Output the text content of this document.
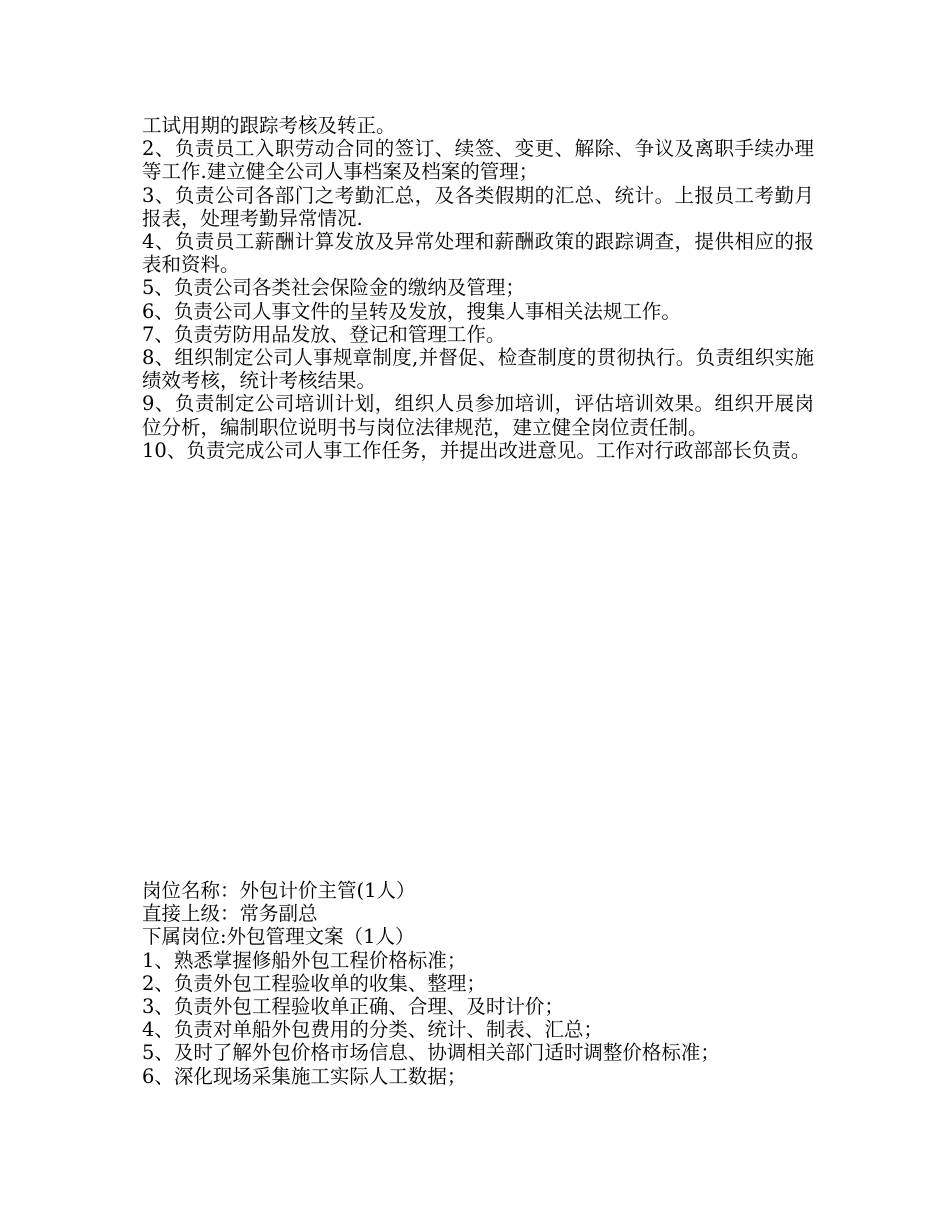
工试用期的跟踪考核及转正。

2、负责员工入职劳动合同的签订、续签、变更、解除、争议及离职手续办理等工作.建立健全公司人事档案及档案的管理；

3、负责公司各部门之考勤汇总，及各类假期的汇总、统计。上报员工考勤月报表，处理考勤异常情况.

4、负责员工薪酬计算发放及异常处理和薪酬政策的跟踪调查，提供相应的报表和资料。

5、负责公司各类社会保险金的缴纳及管理；

6、负责公司人事文件的呈转及发放，搜集人事相关法规工作。

7、负责劳防用品发放、登记和管理工作。

8、组织制定公司人事规章制度,并督促、检查制度的贯彻执行。负责组织实施绩效考核，统计考核结果。

9、负责制定公司培训计划，组织人员参加培训，评估培训效果。组织开展岗位分析，编制职位说明书与岗位法律规范，建立健全岗位责任制。

10、负责完成公司人事工作任务，并提出改进意见。工作对行政部部长负责。

岗位名称：外包计价主管(1人）

直接上级：常务副总

下属岗位:外包管理文案（1人）

1、熟悉掌握修船外包工程价格标准；

2、负责外包工程验收单的收集、整理；

3、负责外包工程验收单正确、合理、及时计价；

4、负责对单船外包费用的分类、统计、制表、汇总；

5、及时了解外包价格市场信息、协调相关部门适时调整价格标准；

6、深化现场采集施工实际人工数据；
